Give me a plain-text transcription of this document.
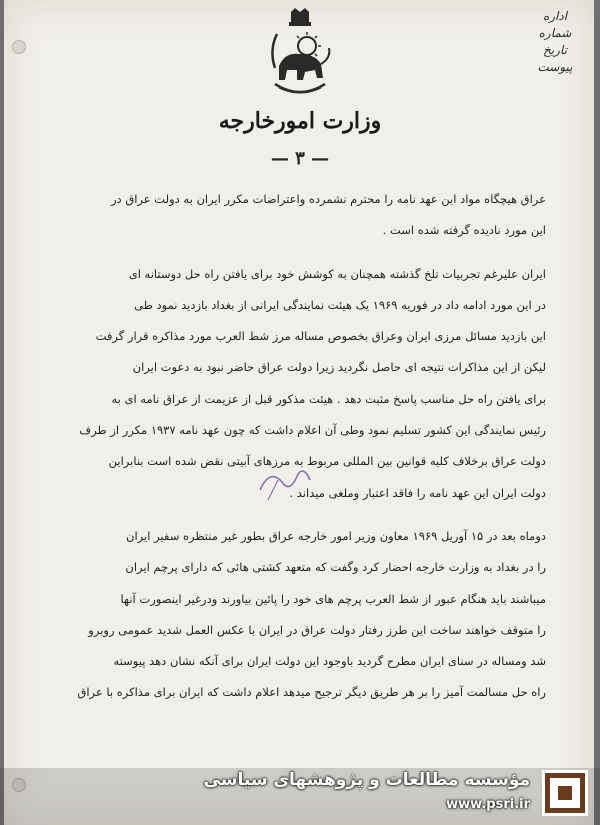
اداره
شماره
تاریخ
پیوست
وزارت امورخارجه
— ۳ —
عراق هیچگاه مواد این عهد نامه را محترم نشمرده واعتراضات مکرر ایران به دولت عراق در
این مورد نادیده گرفته شده است .
ایران علیرغم تجربیات تلخ گذشته همچنان به کوشش خود برای یافتن راه حل دوستانه ای
در این مورد ادامه داد در فوریه ۱۹۶۹ یک هیئت نمایندگی ایرانی از بغداد بازدید نمود طی
این بازدید مسائل مرزی ایران وعراق بخصوص مساله مرز شط العرب مورد مذاکره قرار گرفت
لیکن از این مذاکرات نتیجه ای حاصل نگردید زیرا دولت عراق حاضر نبود به دعوت ایران
برای یافتن راه حل مناسب پاسخ مثبت دهد . هیئت مذکور قبل از عزیمت از عراق نامه ای به
رئیس نمایندگی این کشور تسلیم نمود وطی آن اعلام داشت که چون عهد نامه ۱۹۳۷ مکرر از طرف
دولت عراق برخلاف کلیه قوانین بین المللی مربوط به مرزهای آبیتی نقض شده است بنابراین
دولت ایران این عهد نامه را فاقد اعتبار وملغی میداند .
دوماه بعد در ۱۵ آوریل ۱۹۶۹ معاون وزیر امور خارجه عراق بطور غیر منتظره سفیر ایران
را در بغداد به وزارت خارجه احضار کرد وگفت که متعهد کشتی هائی که دارای پرچم ایران
میباشند باید هنگام عبور از شط العرب پرچم های خود را پائین بیاورند ودرغیر اینصورت آنها
را متوقف خواهند ساخت این طرز رفتار دولت عراق در ایران با عکس العمل شدید عمومی روبرو
شد ومساله در سنای ایران مطرح گردید باوجود این دولت ایران برای آنکه نشان دهد پیوسته
راه حل مسالمت آمیز را بر هر طریق دیگر ترجیح میدهد اعلام داشت که ایران برای مذاکره با عراق
مؤسسه مطالعات و پژوهشهای سیاسی
www.psri.ir
